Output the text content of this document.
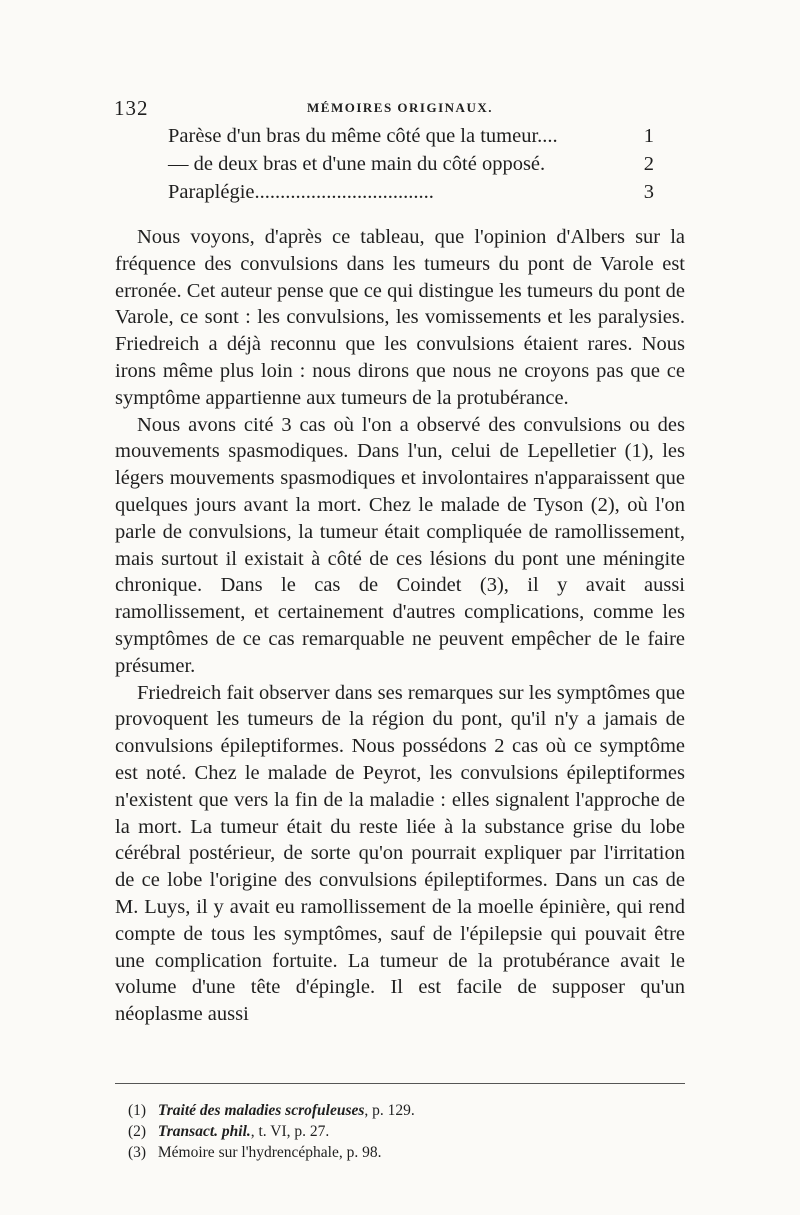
132	MÉMOIRES ORIGINAUX.
Parèse d'un bras du même côté que la tumeur....	1
— de deux bras et d'une main du côté opposé.	2
Paraplégie...................................	3

Nous voyons, d'après ce tableau, que l'opinion d'Albers sur la fréquence des convulsions dans les tumeurs du pont de Varole est erronée. Cet auteur pense que ce qui distingue les tumeurs du pont de Varole, ce sont : les convulsions, les vomissements et les paralysies. Friedreich a déjà reconnu que les convulsions étaient rares. Nous irons même plus loin : nous dirons que nous ne croyons pas que ce symptôme appartienne aux tumeurs de la protubérance.

Nous avons cité 3 cas où l'on a observé des convulsions ou des mouvements spasmodiques. Dans l'un, celui de Lepelletier (1), les légers mouvements spasmodiques et involontaires n'apparaissent que quelques jours avant la mort. Chez le malade de Tyson (2), où l'on parle de convulsions, la tumeur était compliquée de ramollissement, mais surtout il existait à côté de ces lésions du pont une méningite chronique. Dans le cas de Coindet (3), il y avait aussi ramollissement, et certainement d'autres complications, comme les symptômes de ce cas remarquable ne peuvent empêcher de le faire présumer.

Friedreich fait observer dans ses remarques sur les symptômes que provoquent les tumeurs de la région du pont, qu'il n'y a jamais de convulsions épileptiformes. Nous possédons 2 cas où ce symptôme est noté. Chez le malade de Peyrot, les convulsions épileptiformes n'existent que vers la fin de la maladie : elles signalent l'approche de la mort. La tumeur était du reste liée à la substance grise du lobe cérébral postérieur, de sorte qu'on pourrait expliquer par l'irritation de ce lobe l'origine des convulsions épileptiformes. Dans un cas de M. Luys, il y avait eu ramollissement de la moelle épinière, qui rend compte de tous les symptômes, sauf de l'épilepsie qui pouvait être une complication fortuite. La tumeur de la protubérance avait le volume d'une tête d'épingle. Il est facile de supposer qu'un néoplasme aussi

(1) Traité des maladies scrofuleuses, p. 129.
(2) Transact. phil., t. VI, p. 27.
(3) Mémoire sur l'hydrencéphale, p. 98.
